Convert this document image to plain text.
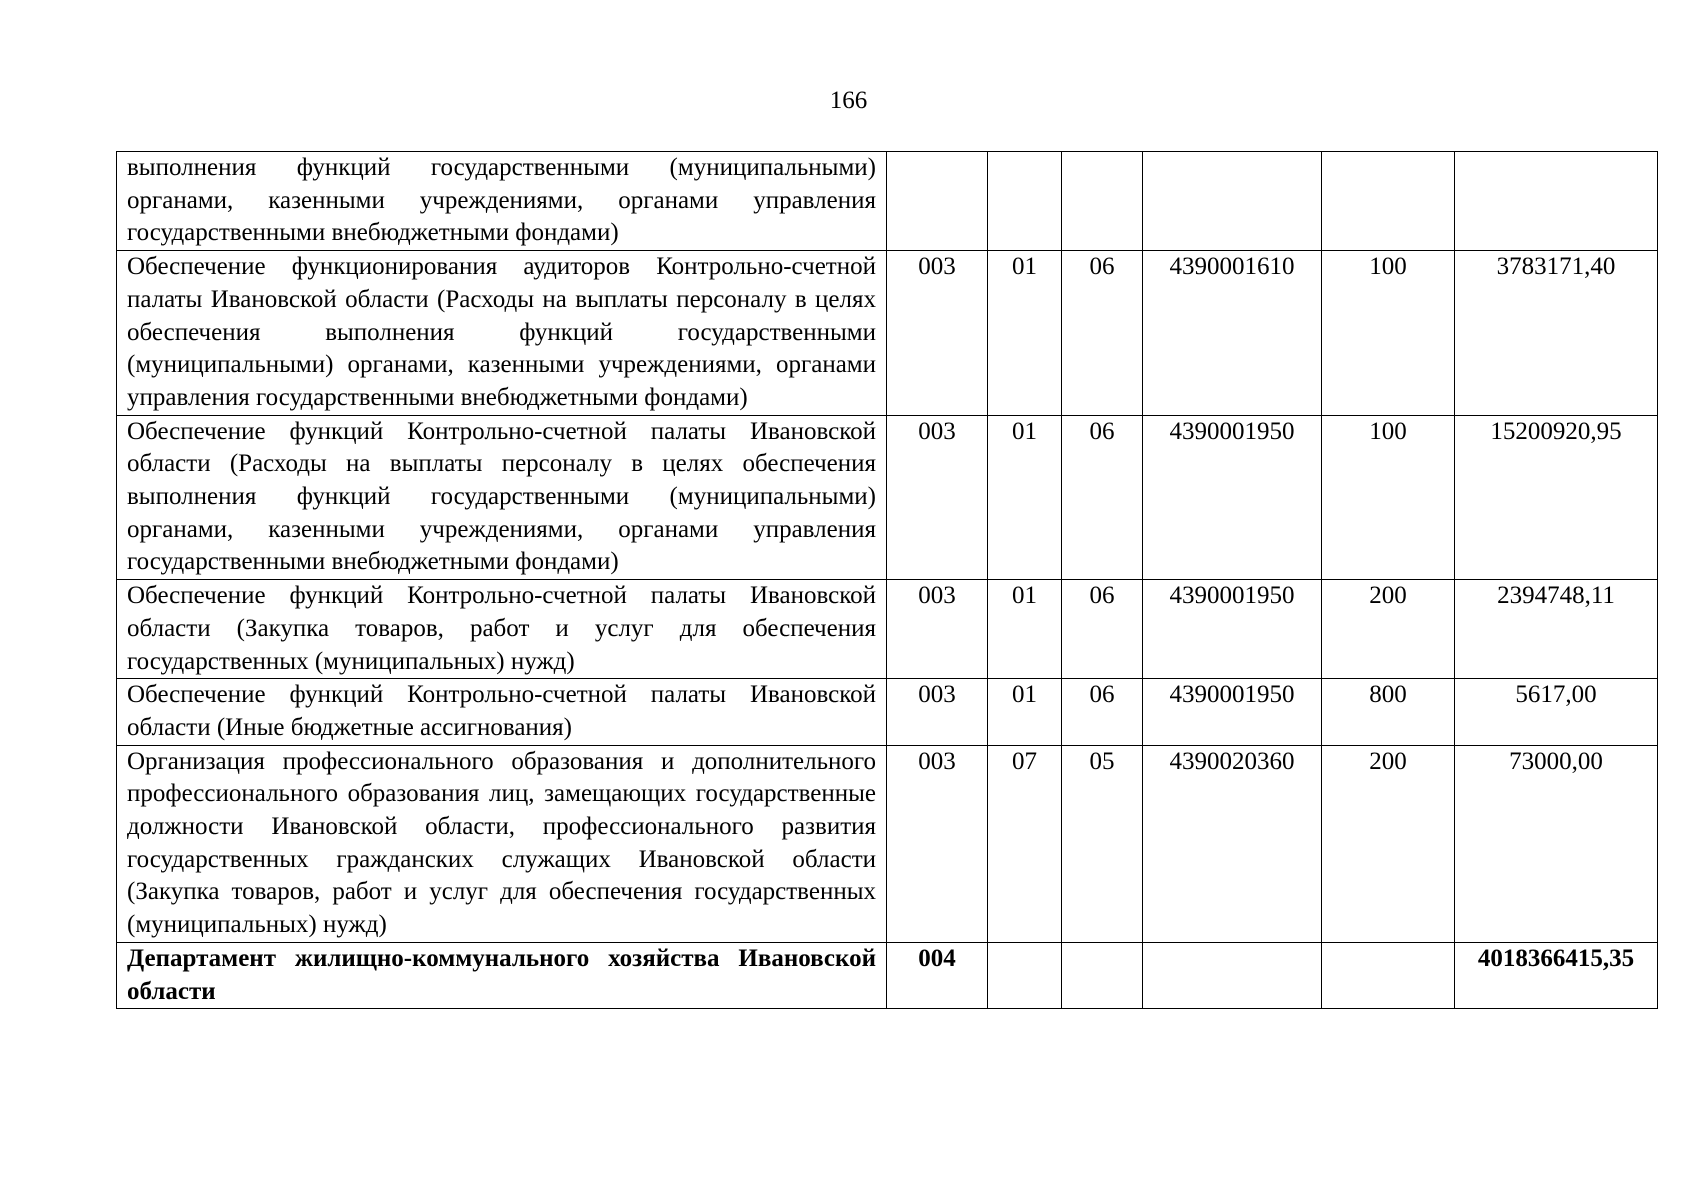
166
выполнения функций государственными (муниципальными) органами, казенными учреждениями, органами управления государственными внебюджетными фондами)						
Обеспечение функционирования аудиторов Контрольно-счетной палаты Ивановской области (Расходы на выплаты персоналу в целях обеспечения выполнения функций государственными (муниципальными) органами, казенными учреждениями, органами управления государственными внебюджетными фондами)	003	01	06	4390001610	100	3783171,40
Обеспечение функций Контрольно-счетной палаты Ивановской области (Расходы на выплаты персоналу в целях обеспечения выполнения функций государственными (муниципальными) органами, казенными учреждениями, органами управления государственными внебюджетными фондами)	003	01	06	4390001950	100	15200920,95
Обеспечение функций Контрольно-счетной палаты Ивановской области (Закупка товаров, работ и услуг для обеспечения государственных (муниципальных) нужд)	003	01	06	4390001950	200	2394748,11
Обеспечение функций Контрольно-счетной палаты Ивановской области (Иные бюджетные ассигнования)	003	01	06	4390001950	800	5617,00
Организация профессионального образования и дополнительного профессионального образования лиц, замещающих государственные должности Ивановской области, профессионального развития государственных гражданских служащих Ивановской области (Закупка товаров, работ и услуг для обеспечения государственных (муниципальных) нужд)	003	07	05	4390020360	200	73000,00
Департамент жилищно-коммунального хозяйства Ивановской области	004					4018366415,35
